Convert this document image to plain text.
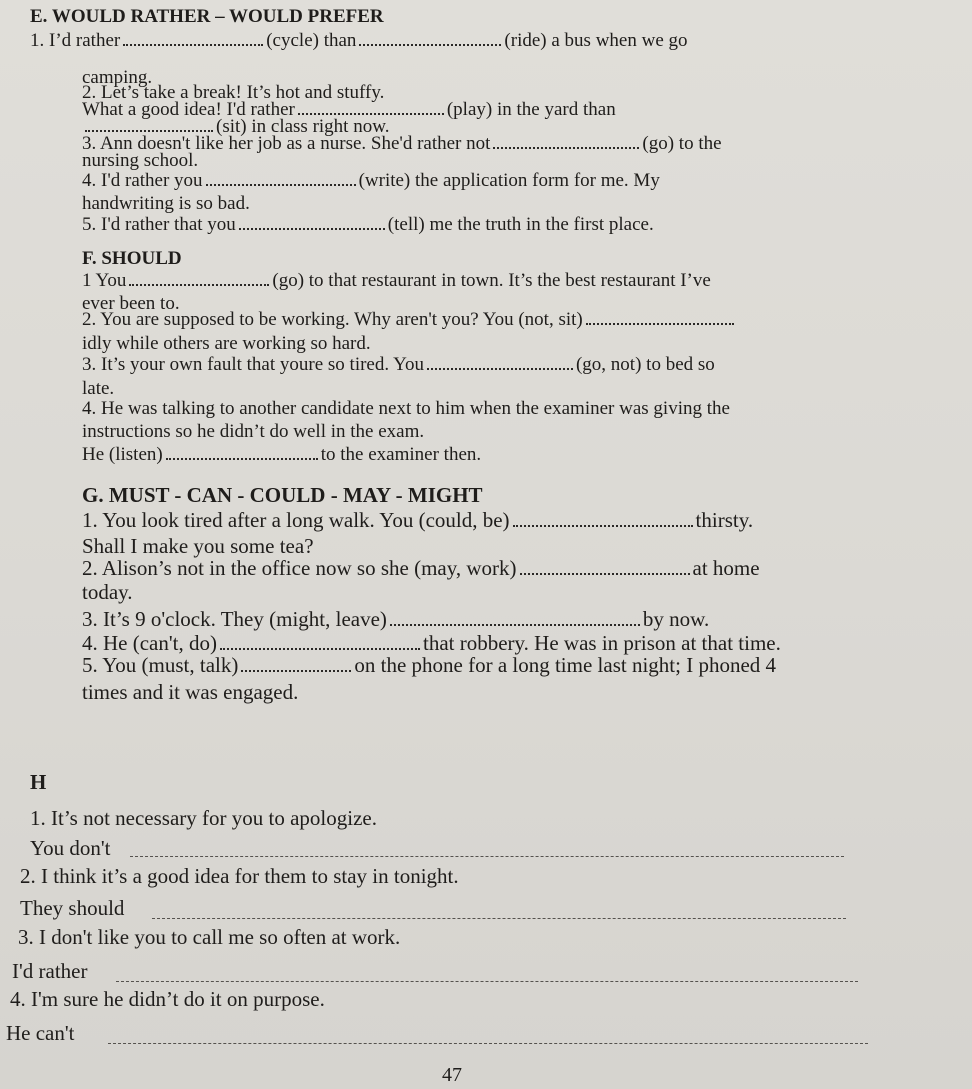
E. WOULD RATHER – WOULD PREFER
1. I’d rather	(cycle) than	(ride) a bus when we go
camping.
2. Let’s take a break! It’s hot and stuffy.
What a good idea! I'd rather	(play) in the yard than
(sit) in class right now.
3. Ann doesn't like her job as a nurse. She'd rather not	(go) to the
nursing school.
4. I'd rather you	(write) the application form for me. My
handwriting is so bad.
5. I'd rather that you	(tell) me the truth in the first place.
F. SHOULD
1 You	(go) to that restaurant in town. It’s the best restaurant I’ve
ever been to.
2. You are supposed to be working. Why aren't you? You (not, sit)
idly while others are working so hard.
3. It’s your own fault that youre so tired. You	(go, not) to bed so
late.
4. He was talking to another candidate next to him when the examiner was giving the
instructions so he didn’t do well in the exam.
He (listen)	to the examiner then.
G. MUST - CAN - COULD - MAY - MIGHT
1. You look tired after a long walk. You (could, be)	thirsty.
Shall I make you some tea?
2. Alison’s not in the office now so she (may, work)	at home
today.
3. It’s 9 o'clock. They (might, leave)	by now.
4. He (can't, do)	that robbery. He was in prison at that time.
5. You (must, talk)	on the phone for a long time last night; I phoned 4
times and it was engaged.
H
1. It’s not necessary for you to apologize.
You don't
2. I think it’s a good idea for them to stay in tonight.
They should
3. I don't like you to call me so often at work.
I'd rather
4. I'm sure he didn’t do it on purpose.
He can't
47
